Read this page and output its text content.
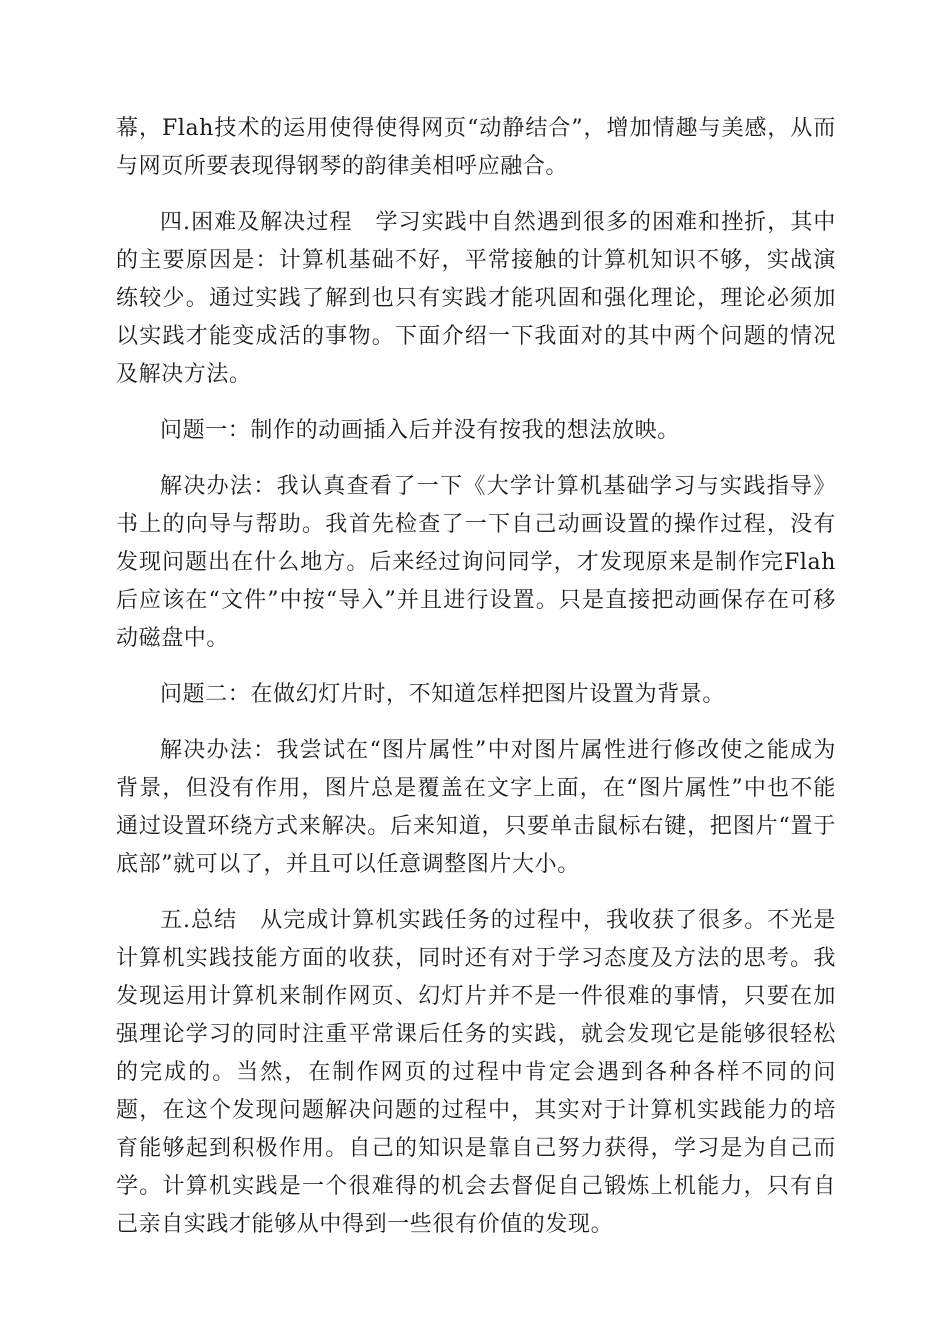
幕，Flah技术的运用使得使得网页“动静结合”，增加情趣与美感，从而与网页所要表现得钢琴的韵律美相呼应融合。

四.困难及解决过程　学习实践中自然遇到很多的困难和挫折，其中的主要原因是：计算机基础不好，平常接触的计算机知识不够，实战演练较少。通过实践了解到也只有实践才能巩固和强化理论，理论必须加以实践才能变成活的事物。下面介绍一下我面对的其中两个问题的情况及解决方法。

问题一：制作的动画插入后并没有按我的想法放映。

解决办法：我认真查看了一下《大学计算机基础学习与实践指导》书上的向导与帮助。我首先检查了一下自己动画设置的操作过程，没有发现问题出在什么地方。后来经过询问同学，才发现原来是制作完Flah后应该在“文件”中按“导入”并且进行设置。只是直接把动画保存在可移动磁盘中。

问题二：在做幻灯片时，不知道怎样把图片设置为背景。

解决办法：我尝试在“图片属性”中对图片属性进行修改使之能成为背景，但没有作用，图片总是覆盖在文字上面，在“图片属性”中也不能通过设置环绕方式来解决。后来知道，只要单击鼠标右键，把图片“置于底部”就可以了，并且可以任意调整图片大小。

五.总结　从完成计算机实践任务的过程中，我收获了很多。不光是计算机实践技能方面的收获，同时还有对于学习态度及方法的思考。我发现运用计算机来制作网页、幻灯片并不是一件很难的事情，只要在加强理论学习的同时注重平常课后任务的实践，就会发现它是能够很轻松的完成的。当然，在制作网页的过程中肯定会遇到各种各样不同的问题，在这个发现问题解决问题的过程中，其实对于计算机实践能力的培育能够起到积极作用。自己的知识是靠自己努力获得，学习是为自己而学。计算机实践是一个很难得的机会去督促自己锻炼上机能力，只有自己亲自实践才能够从中得到一些很有价值的发现。
